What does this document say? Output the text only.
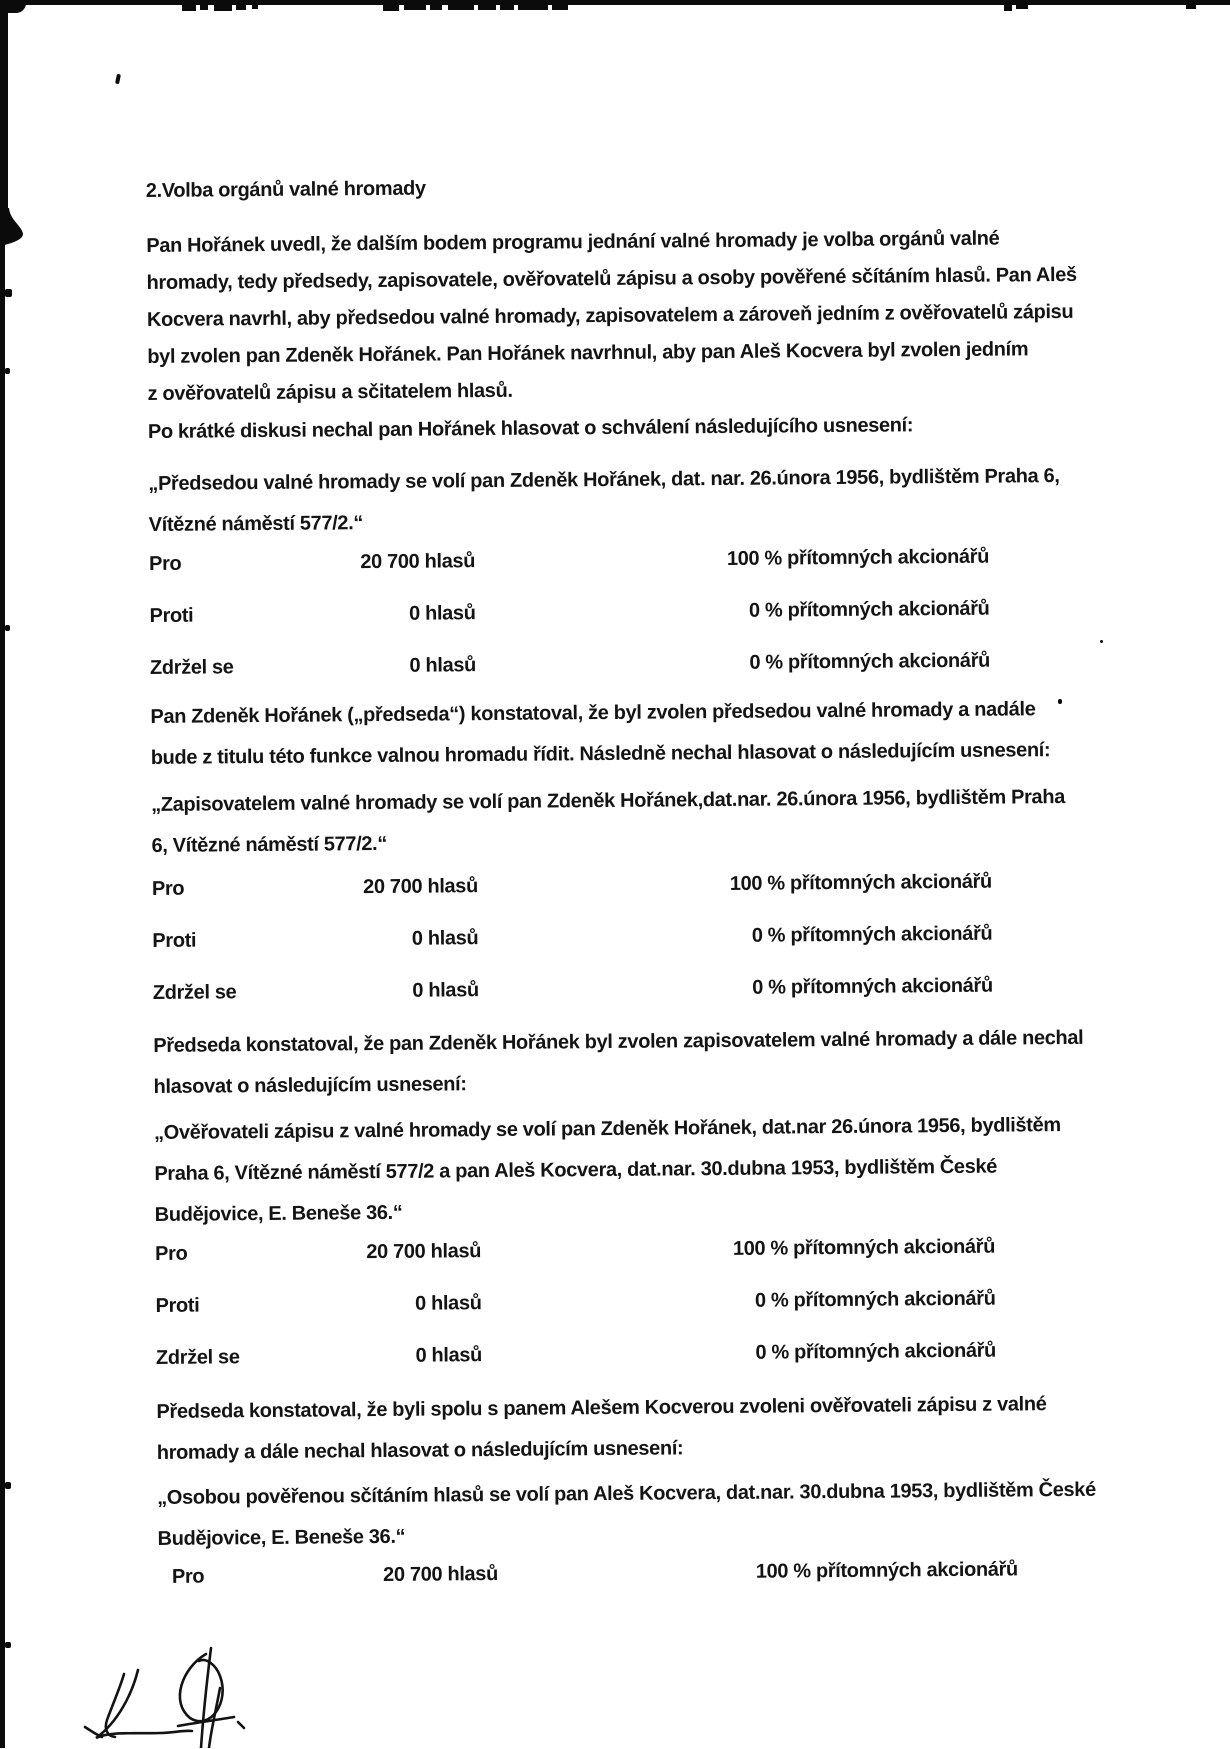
2.Volba orgánů valné hromady
Pan Hořánek uvedl, že dalším bodem programu jednání valné hromady je volba orgánů valné
hromady, tedy předsedy, zapisovatele, ověřovatelů zápisu a osoby pověřené sčítáním hlasů. Pan Aleš
Kocvera navrhl, aby předsedou valné hromady, zapisovatelem a zároveň jedním z ověřovatelů zápisu
byl zvolen pan Zdeněk Hořánek. Pan Hořánek navrhnul, aby pan Aleš Kocvera byl zvolen jedním
z ověřovatelů zápisu a sčitatelem hlasů.
Po krátké diskusi nechal pan Hořánek hlasovat o schválení následujícího usnesení:
„Předsedou valné hromady se volí pan Zdeněk Hořánek, dat. nar. 26.února 1956, bydlištěm Praha 6,
Vítězné náměstí 577/2.“
Pro	20 700 hlasů	100 % přítomných akcionářů
Proti	0 hlasů	0 % přítomných akcionářů
Zdržel se	0 hlasů	0 % přítomných akcionářů
Pan Zdeněk Hořánek („předseda“) konstatoval, že byl zvolen předsedou valné hromady a nadále
bude z titulu této funkce valnou hromadu řídit. Následně nechal hlasovat o následujícím usnesení:
„Zapisovatelem valné hromady se volí pan Zdeněk Hořánek,dat.nar. 26.února 1956, bydlištěm Praha
6, Vítězné náměstí 577/2.“
Pro	20 700 hlasů	100 % přítomných akcionářů
Proti	0 hlasů	0 % přítomných akcionářů
Zdržel se	0 hlasů	0 % přítomných akcionářů
Předseda konstatoval, že pan Zdeněk Hořánek byl zvolen zapisovatelem valné hromady a dále nechal
hlasovat o následujícím usnesení:
„Ověřovateli zápisu z valné hromady se volí pan Zdeněk Hořánek, dat.nar 26.února 1956, bydlištěm
Praha 6, Vítězné náměstí 577/2 a pan Aleš Kocvera, dat.nar. 30.dubna 1953, bydlištěm České
Budějovice, E. Beneše 36.“
Pro	20 700 hlasů	100 % přítomných akcionářů
Proti	0 hlasů	0 % přítomných akcionářů
Zdržel se	0 hlasů	0 % přítomných akcionářů
Předseda konstatoval, že byli spolu s panem Alešem Kocverou zvoleni ověřovateli zápisu z valné
hromady a dále nechal hlasovat o následujícím usnesení:
„Osobou pověřenou sčítáním hlasů se volí pan Aleš Kocvera, dat.nar. 30.dubna 1953, bydlištěm České
Budějovice, E. Beneše 36.“
Pro	20 700 hlasů	100 % přítomných akcionářů
